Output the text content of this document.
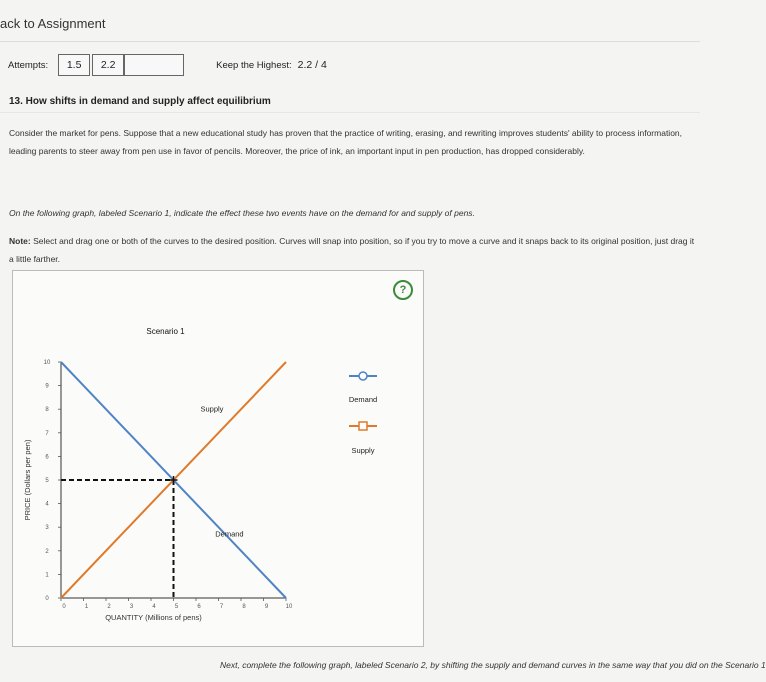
ack to Assignment
Attempts:	1.5	2.2	Keep the Highest: 2.2 / 4
13. How shifts in demand and supply affect equilibrium
Consider the market for pens. Suppose that a new educational study has proven that the practice of writing, erasing, and rewriting improves students' ability to process information, leading parents to steer away from pen use in favor of pencils. Moreover, the price of ink, an important input in pen production, has dropped considerably.
On the following graph, labeled Scenario 1, indicate the effect these two events have on the demand for and supply of pens.
Note: Select and drag one or both of the curves to the desired position. Curves will snap into position, so if you try to move a curve and it snaps back to its original position, just drag it a little farther.
Scenario 1
0
1
2
3
4
5
6
7
8
9
10
0	1	2	3	4	5	6	7	8	9	10
QUANTITY (Millions of pens)
PRICE (Dollars per pen)
Supply
Demand
Demand
Supply
?
Next, complete the following graph, labeled Scenario 2, by shifting the supply and demand curves in the same way that you did on the Scenario 1
